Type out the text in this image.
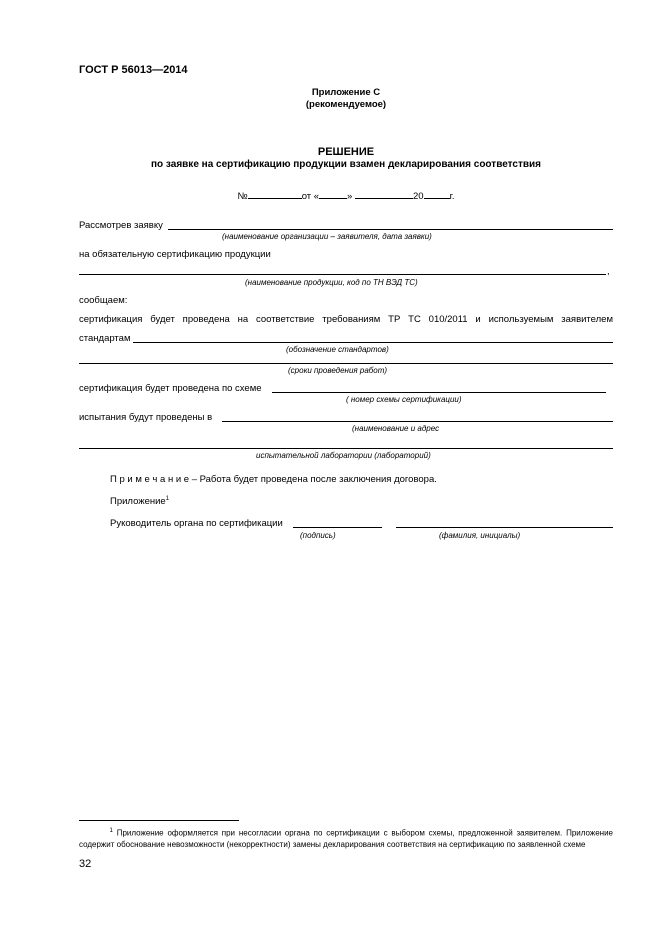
ГОСТ Р 56013—2014
Приложение С
(рекомендуемое)
РЕШЕНИЕ
по заявке на сертификацию продукции взамен декларирования соответствия
№	от «	»	20	г.
Рассмотрев заявку
(наименование организации – заявителя, дата заявки)
на обязательную сертификацию продукции
,
(наименование продукции, код по ТН ВЭД ТС)
сообщаем:
сертификация будет проведена на соответствие требованиям ТР ТС 010/2011 и используемым заявителем
стандартам
(обозначение стандартов)
(сроки проведения работ)
сертификация будет проведена по схеме
( номер схемы сертификации)
испытания будут проведены в
(наименование и адрес
испытательной лаборатории (лабораторий)
П р и м е ч а н и е – Работа будет проведена после заключения договора.
Приложение$^1$
Руководитель органа по сертификации
(подпись)	(фамилия, инициалы)
$^1$ Приложение оформляется при несогласии органа по сертификации с выбором схемы, предложенной заявителем. Приложение содержит обоснование невозможности (некорректности) замены декларирования соответствия на сертификацию по заявленной схеме
32
